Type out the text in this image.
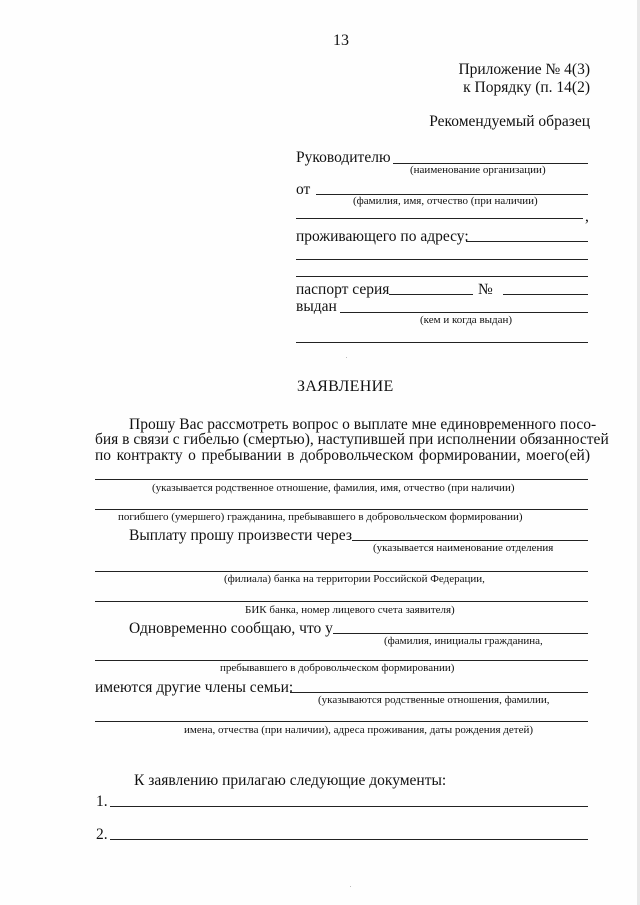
13
Приложение № 4(3)
к Порядку (п. 14(2)
Рекомендуемый образец
Руководителю
(наименование организации)
от
(фамилия, имя, отчество (при наличии)
,
проживающего по адресу:
паспорт серия	№
выдан
(кем и когда выдан)
ЗАЯВЛЕНИЕ
Прошу Вас рассмотреть вопрос о выплате мне единовременного посо-
бия в связи с гибелью (смертью), наступившей при исполнении обязанностей
по контракту о пребывании в добровольческом формировании, моего(ей)
(указывается родственное отношение, фамилия, имя, отчество (при наличии)
погибшего (умершего) гражданина, пребывавшего в добровольческом формировании)
Выплату прошу произвести через
(указывается наименование отделения
(филиала) банка на территории Российской Федерации,
БИК банка, номер лицевого счета заявителя)
Одновременно сообщаю, что у
(фамилия, инициалы гражданина,
пребывавшего в добровольческом формировании)
имеются другие члены семьи:
(указываются родственные отношения, фамилии,
имена, отчества (при наличии), адреса проживания, даты рождения детей)
К заявлению прилагаю следующие документы:
1.
2.
